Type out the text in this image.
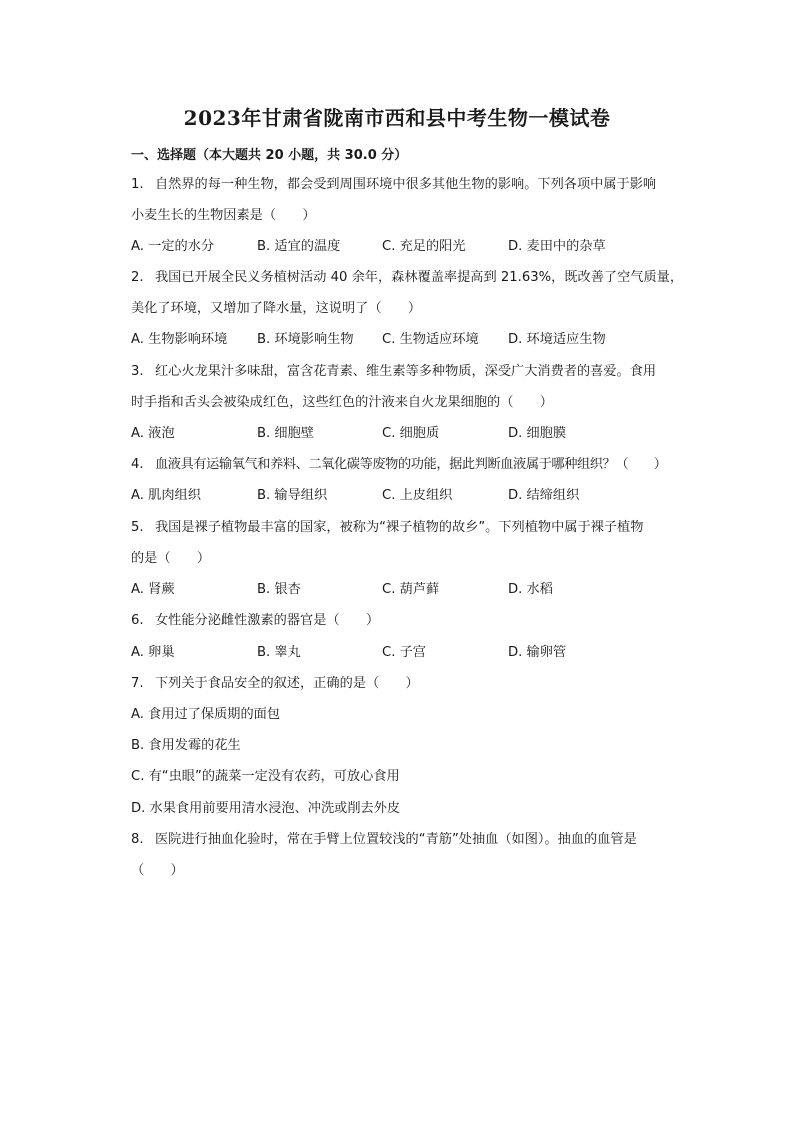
2023年甘肃省陇南市西和县中考生物一模试卷
一、选择题（本大题共 20 小题，共 30.0 分）
1. 自然界的每一种生物，都会受到周围环境中很多其他生物的影响。下列各项中属于影响
小麦生长的生物因素是（　　）
A. 一定的水分	B. 适宜的温度	C. 充足的阳光	D. 麦田中的杂草
2. 我国已开展全民义务植树活动 40 余年，森林覆盖率提高到 21.63%，既改善了空气质量，
美化了环境，又增加了降水量，这说明了（　　）
A. 生物影响环境 B. 环境影响生物 C. 生物适应环境 D. 环境适应生物
3. 红心火龙果汁多味甜，富含花青素、维生素等多种物质，深受广大消费者的喜爱。食用
时手指和舌头会被染成红色，这些红色的汁液来自火龙果细胞的（　　）
A. 液泡	B. 细胞壁	C. 细胞质	D. 细胞膜
4. 血液具有运输氧气和养料、二氧化碳等废物的功能，据此判断血液属于哪种组织？（　　）
A. 肌肉组织	B. 输导组织	C. 上皮组织	D. 结缔组织
5. 我国是裸子植物最丰富的国家，被称为“裸子植物的故乡”。下列植物中属于裸子植物
的是（　　）
A. 肾蕨	B. 银杏	C. 葫芦藓	D. 水稻
6. 女性能分泌雌性激素的器官是（　　）
A. 卵巢	B. 睾丸	C. 子宫	D. 输卵管
7. 下列关于食品安全的叙述，正确的是（　　）
A. 食用过了保质期的面包
B. 食用发霉的花生
C. 有“虫眼”的蔬菜一定没有农药，可放心食用
D. 水果食用前要用清水浸泡、冲洗或削去外皮
8. 医院进行抽血化验时，常在手臂上位置较浅的“青筋”处抽血（如图）。抽血的血管是
（　　）
